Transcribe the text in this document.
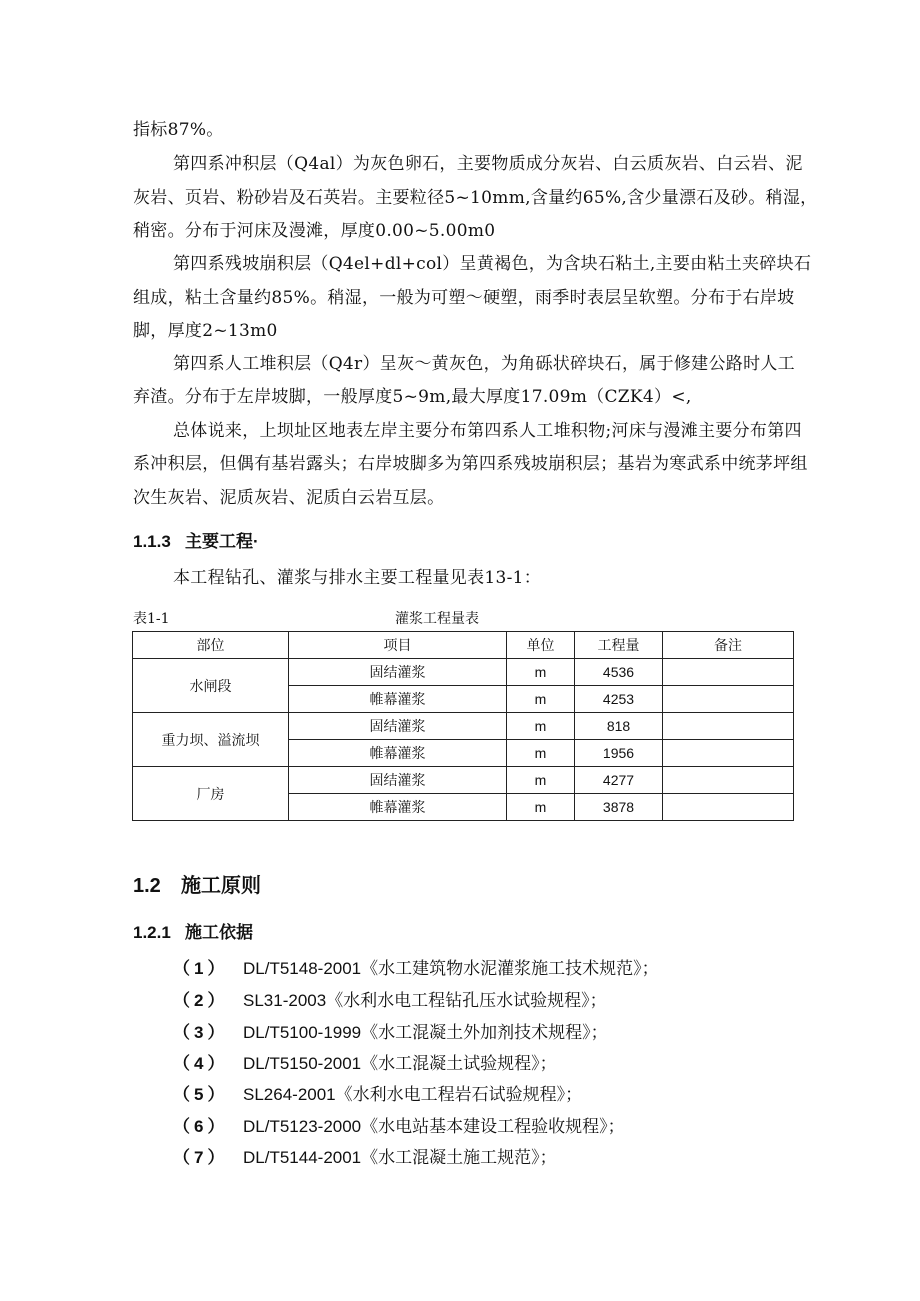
指标87%。
第四系冲积层（Q4al）为灰色卵石，主要物质成分灰岩、白云质灰岩、白云岩、泥
灰岩、页岩、粉砂岩及石英岩。主要粒径5~10mm,含量约65%,含少量漂石及砂。稍湿，
稍密。分布于河床及漫滩，厚度0.00~5.00m0
第四系残坡崩积层（Q4el+dl+col）呈黄褐色，为含块石粘土,主要由粘土夹碎块石
组成，粘土含量约85%。稍湿，一般为可塑～硬塑，雨季时表层呈软塑。分布于右岸坡
脚，厚度2~13m0
第四系人工堆积层（Q4r）呈灰～黄灰色，为角砾状碎块石，属于修建公路时人工
弃渣。分布于左岸坡脚，一般厚度5~9m,最大厚度17.09m（CZK4）<,
总体说来，上坝址区地表左岸主要分布第四系人工堆积物;河床与漫滩主要分布第四
系冲积层，但偶有基岩露头；右岸坡脚多为第四系残坡崩积层；基岩为寒武系中统茅坪组
次生灰岩、泥质灰岩、泥质白云岩互层。
1.1.3 主要工程·
本工程钻孔、灌浆与排水主要工程量见表13-1：
表1-1	灌浆工程量表
部位	项目	单位	工程量	备注
水闸段	固结灌浆	m	4536	
	帷幕灌浆	m	4253	
重力坝、溢流坝	固结灌浆	m	818	
	帷幕灌浆	m	1956	
厂房	固结灌浆	m	4277	
	帷幕灌浆	m	3878	
1.2 施工原则
1.2.1 施工依据
（1） DL/T5148-2001《水工建筑物水泥灌浆施工技术规范》；
（2） SL31-2003《水利水电工程钻孔压水试验规程》；
（3） DL/T5100-1999《水工混凝土外加剂技术规程》；
（4） DL/T5150-2001《水工混凝土试验规程》；
（5） SL264-2001《水利水电工程岩石试验规程》；
（6） DL/T5123-2000《水电站基本建设工程验收规程》；
（7） DL/T5144-2001《水工混凝土施工规范》；
